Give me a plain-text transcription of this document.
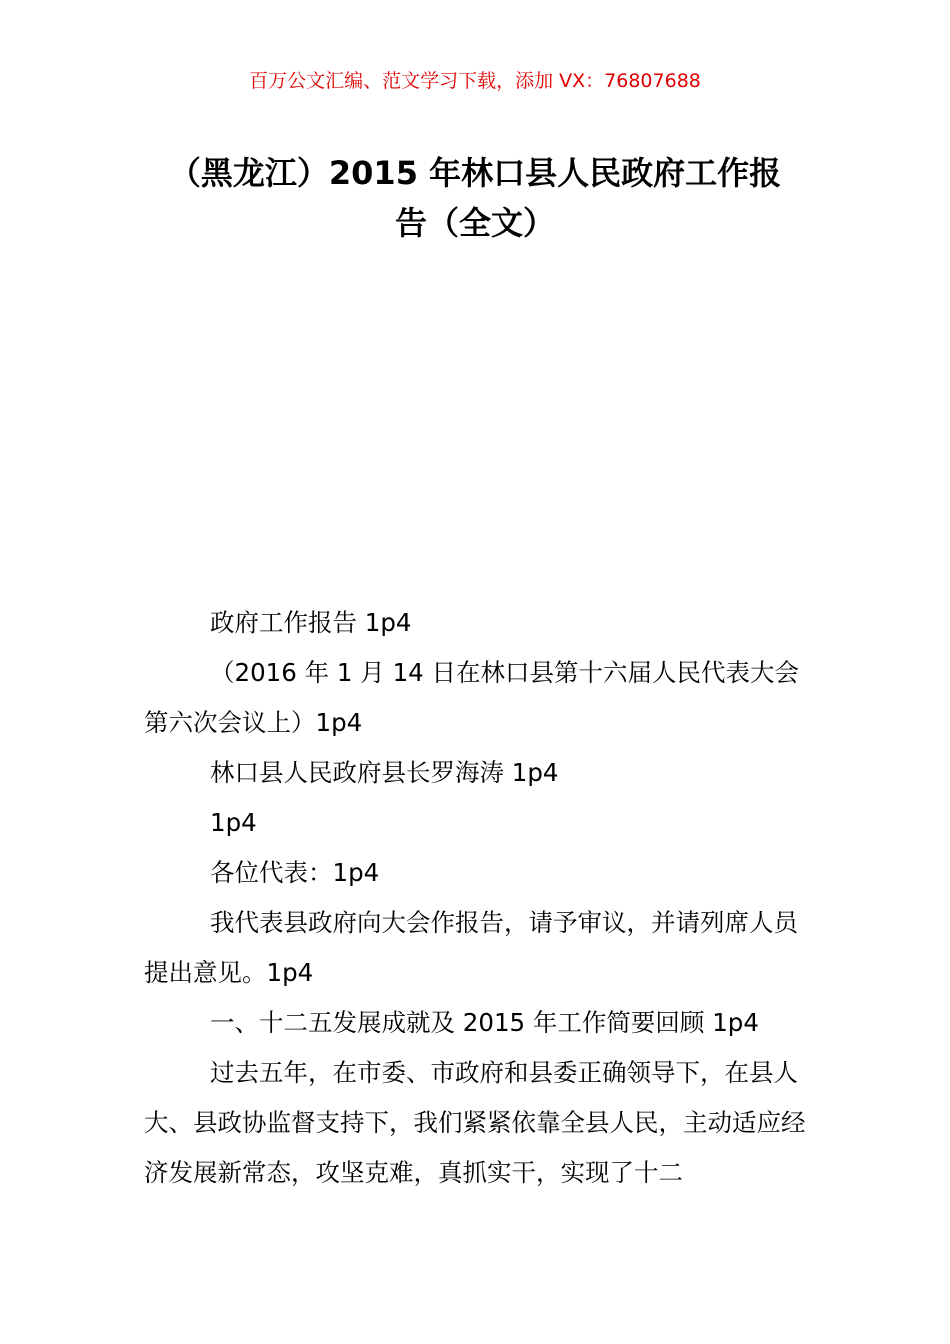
百万公文汇编、范文学习下载，添加 VX：76807688
（黑龙江）2015 年林口县人民政府工作报
告（全文）

政府工作报告 1p4

（2016 年 1 月 14 日在林口县第十六届人民代表大会第六次会议上）1p4

林口县人民政府县长罗海涛 1p4

1p4

各位代表：1p4

我代表县政府向大会作报告，请予审议，并请列席人员提出意见。1p4

一、十二五发展成就及 2015 年工作简要回顾 1p4

过去五年，在市委、市政府和县委正确领导下，在县人大、县政协监督支持下，我们紧紧依靠全县人民，主动适应经济发展新常态，攻坚克难，真抓实干，实现了十二
